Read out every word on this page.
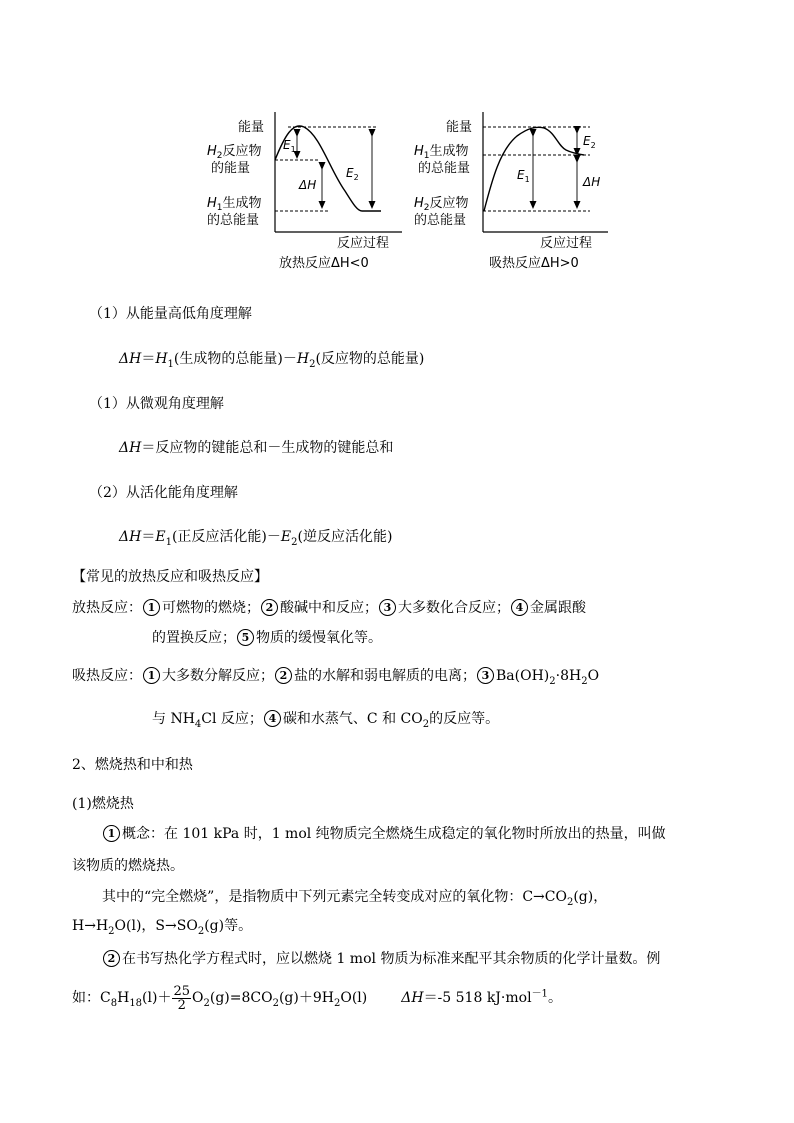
能量
$H_2$反应物
的能量
$H_1$生成物
的总能量
$E_1$
ΔH
$E_2$
反应过程
放热反应ΔH<0
能量
$H_1$生成物
的总能量
$H_2$反应物
的总能量
$E_1$
$E_2$
ΔH
反应过程
吸热反应ΔH>0
（1）从能量高低角度理解
$\Delta H=H_1$(生成物的总能量)$-H_2$(反应物的总能量)
（1）从微观角度理解
ΔH＝反应物的键能总和－生成物的键能总和
（2）从活化能角度理解
$\Delta H=E_1$(正反应活化能)$-E_2$(逆反应活化能)
【常见的放热反应和吸热反应】
放热反应： 1 可燃物的燃烧； 2 酸碱中和反应； 3 大多数化合反应； 4 金属跟酸
的置换反应； 5 物质的缓慢氧化等。
吸热反应： 1 大多数分解反应； 2 盐的水解和弱电解质的电离； 3 $Ba(OH)_2\cdot 8H_2O$
与 $NH_4Cl$ 反应； 4 碳和水蒸气、C 和 $CO_2$的反应等。
2、燃烧热和中和热
(1)燃烧热
1 概念：在 101 kPa 时，1 mol 纯物质完全燃烧生成稳定的氧化物时所放出的热量，叫做
该物质的燃烧热。
其中的“完全燃烧”，是指物质中下列元素完全转变成对应的氧化物：$C\to CO_2(g)$，
$H\to H_2O(l)$，$S\to SO_2(g)$等。
2 在书写热化学方程式时，应以燃烧 1 mol 物质为标准来配平其余物质的化学计量数。例
如：$C_8H_{18}(l)+ \frac{25}{2} O_2(g)=8CO_2(g)+9H_2O(l)$ ΔH＝-5 518 kJ·mol$^{-1}$。
